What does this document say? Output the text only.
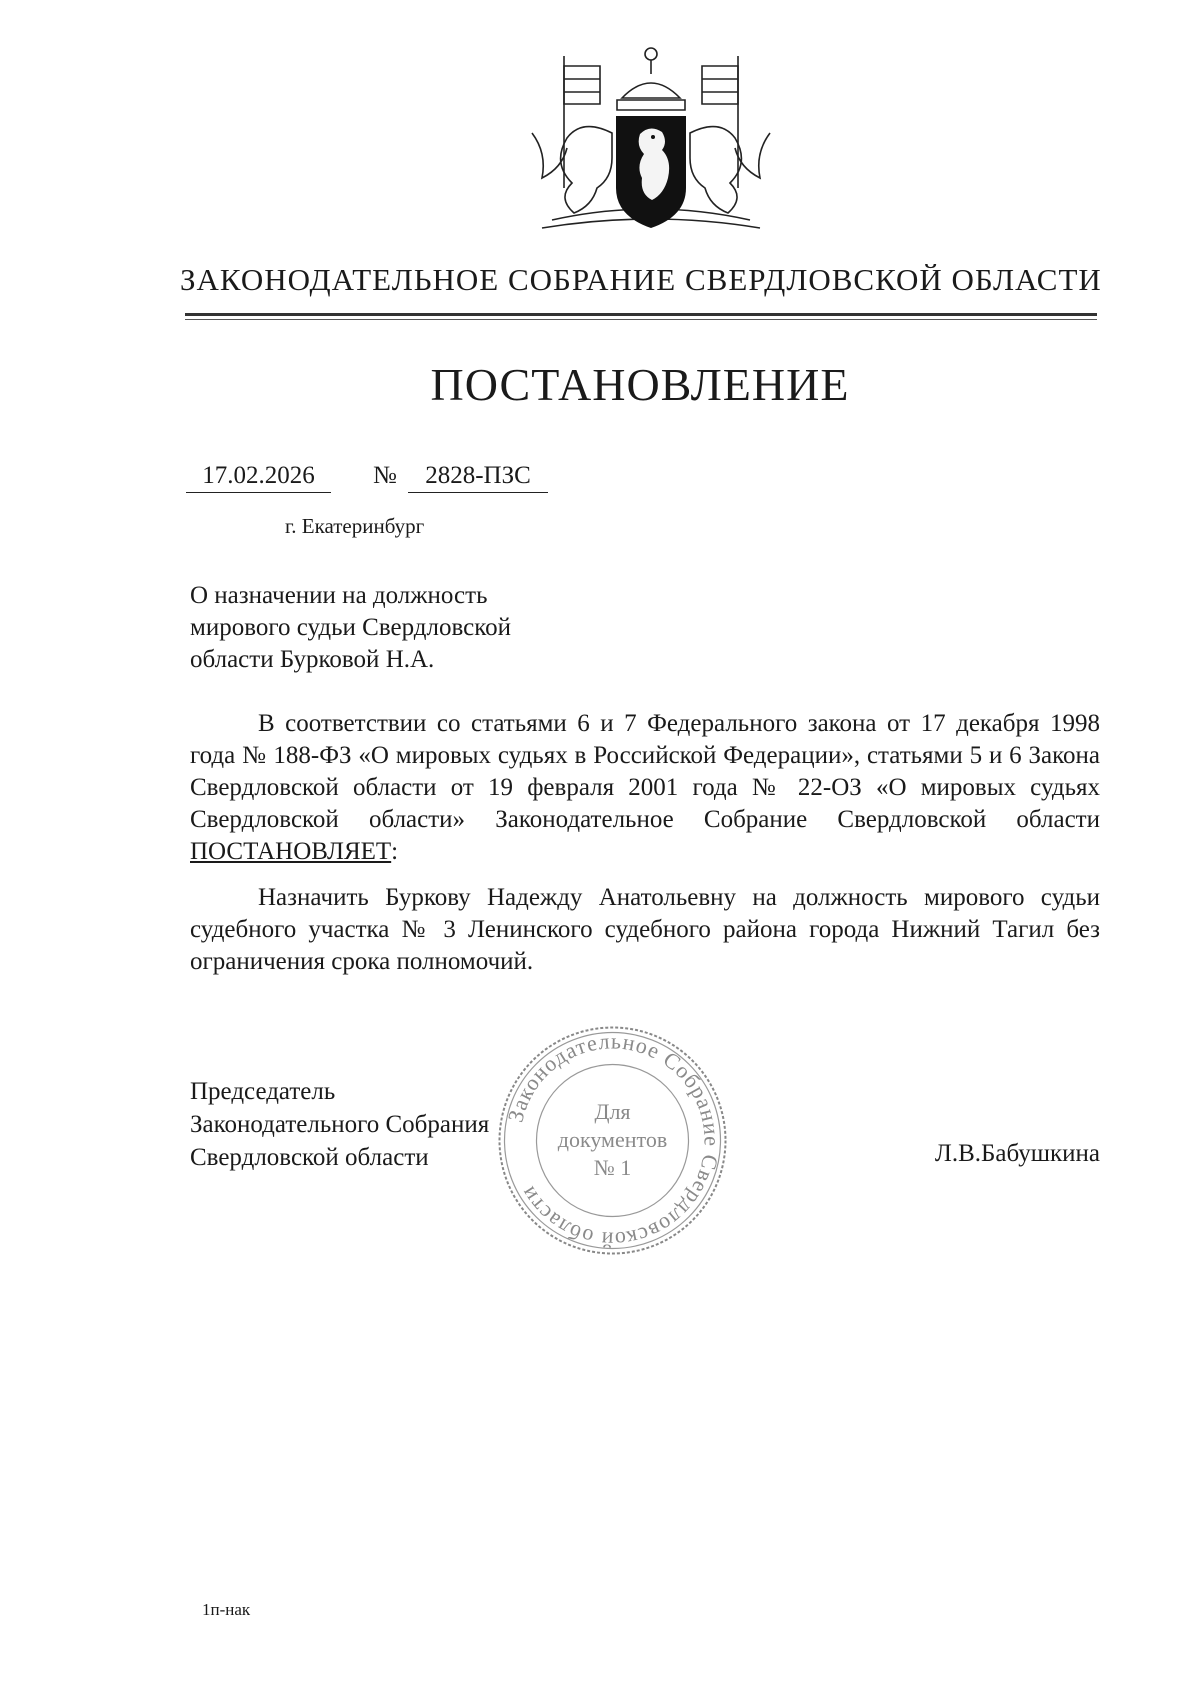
ЗАКОНОДАТЕЛЬНОЕ СОБРАНИЕ СВЕРДЛОВСКОЙ ОБЛАСТИ
ПОСТАНОВЛЕНИЕ
17.02.2026	№	2828-ПЗС
г. Екатеринбург
О назначении на должность
мирового судьи Свердловской
области Бурковой Н.А.
В соответствии со статьями 6 и 7 Федерального закона от 17 декабря 1998 года № 188-ФЗ «О мировых судьях в Российской Федерации», статьями 5 и 6 Закона Свердловской области от 19 февраля 2001 года № 22-ОЗ «О мировых судьях Свердловской области» Законодательное Собрание Свердловской области ПОСТАНОВЛЯЕТ:
Назначить Буркову Надежду Анатольевну на должность мирового судьи судебного участка № 3 Ленинского судебного района города Нижний Тагил без ограничения срока полномочий.
Председатель
Законодательного Собрания
Свердловской области
Законодательное Собрание Свердловской области
Для
документов
№ 1
Л.В.Бабушкина
1п-нак
